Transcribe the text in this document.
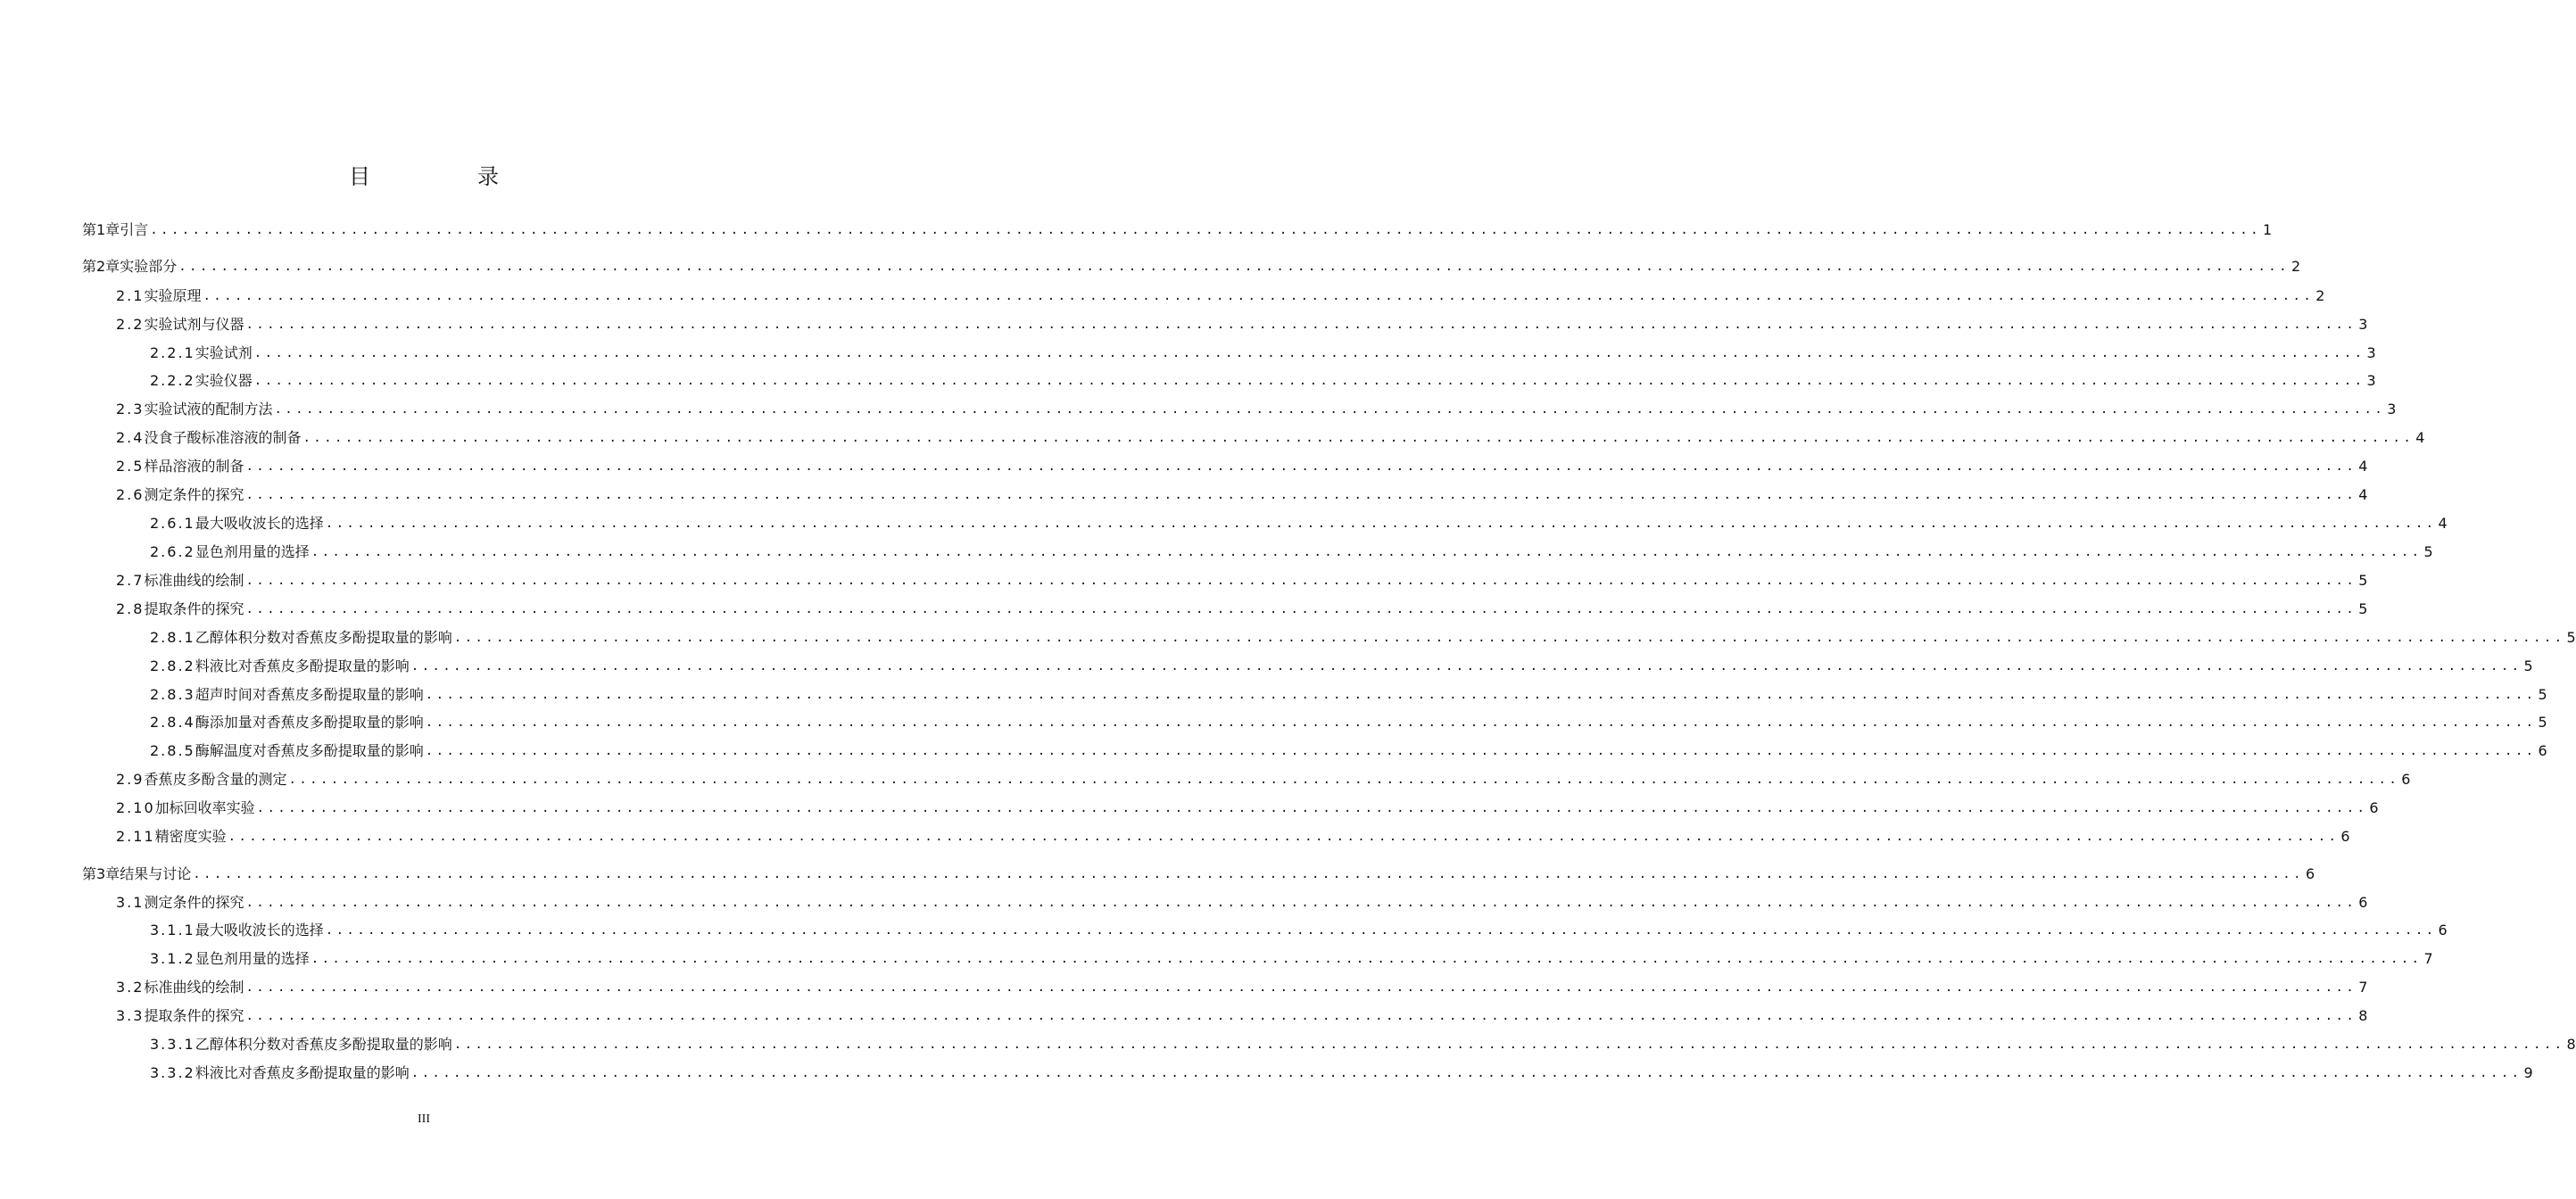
目　录
第1章 引言 ........................................................................................................................................................................................................ 1
第2章 实验部分 ........................................................................................................................................................................................................ 2
2.1 实验原理 ........................................................................................................................................................................................................ 2
2.2 实验试剂与仪器 ........................................................................................................................................................................................................ 3
2.2.1 实验试剂 ........................................................................................................................................................................................................ 3
2.2.2 实验仪器 ........................................................................................................................................................................................................ 3
2.3 实验试液的配制方法 ........................................................................................................................................................................................................ 3
2.4 没食子酸标准溶液的制备 ........................................................................................................................................................................................................ 4
2.5 样品溶液的制备 ........................................................................................................................................................................................................ 4
2.6 测定条件的探究 ........................................................................................................................................................................................................ 4
2.6.1 最大吸收波长的选择 ........................................................................................................................................................................................................ 4
2.6.2 显色剂用量的选择 ........................................................................................................................................................................................................ 5
2.7 标准曲线的绘制 ........................................................................................................................................................................................................ 5
2.8 提取条件的探究 ........................................................................................................................................................................................................ 5
2.8.1 乙醇体积分数对香蕉皮多酚提取量的影响 ........................................................................................................................................................................................................ 5
2.8.2 料液比对香蕉皮多酚提取量的影响 ........................................................................................................................................................................................................ 5
2.8.3 超声时间对香蕉皮多酚提取量的影响 ........................................................................................................................................................................................................ 5
2.8.4 酶添加量对香蕉皮多酚提取量的影响 ........................................................................................................................................................................................................ 5
2.8.5 酶解温度对香蕉皮多酚提取量的影响 ........................................................................................................................................................................................................ 6
2.9 香蕉皮多酚含量的测定 ........................................................................................................................................................................................................ 6
2.10 加标回收率实验 ........................................................................................................................................................................................................ 6
2.11 精密度实验 ........................................................................................................................................................................................................ 6
第3章 结果与讨论 ........................................................................................................................................................................................................ 6
3.1 测定条件的探究 ........................................................................................................................................................................................................ 6
3.1.1 最大吸收波长的选择 ........................................................................................................................................................................................................ 6
3.1.2 显色剂用量的选择 ........................................................................................................................................................................................................ 7
3.2 标准曲线的绘制 ........................................................................................................................................................................................................ 7
3.3 提取条件的探究 ........................................................................................................................................................................................................ 8
3.3.1 乙醇体积分数对香蕉皮多酚提取量的影响 ........................................................................................................................................................................................................ 8
3.3.2 料液比对香蕉皮多酚提取量的影响 ........................................................................................................................................................................................................ 9
III
